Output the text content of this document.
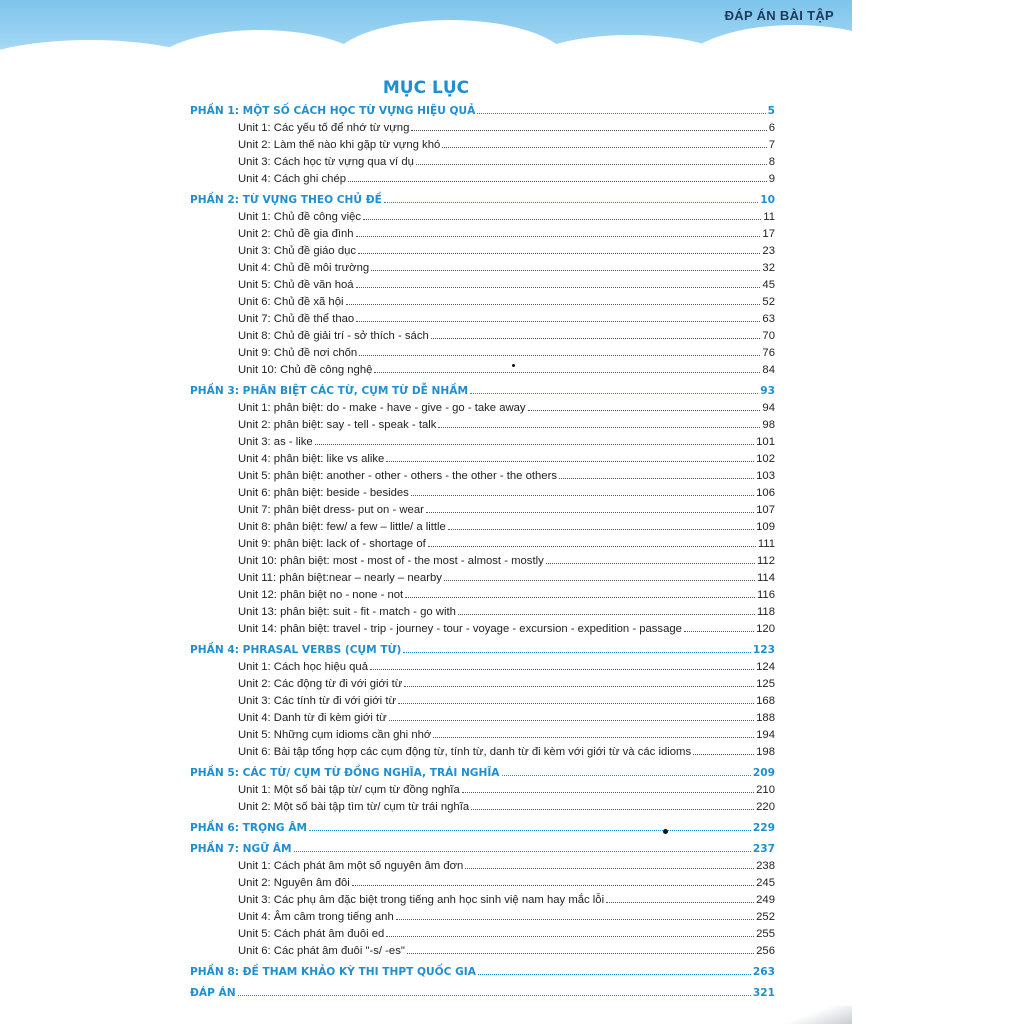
ĐÁP ÁN BÀI TẬP
MỤC LỤC
PHẦN 1: MỘT SỐ CÁCH HỌC TỪ VỰNG HIỆU QUẢ	5
Unit 1: Các yếu tố để nhớ từ vựng	6
Unit 2: Làm thế nào khi gặp từ vựng khó	7
Unit 3: Cách học từ vựng qua ví dụ	8
Unit 4: Cách ghi chép	9
PHẦN 2: TỪ VỰNG THEO CHỦ ĐỀ	10
Unit 1: Chủ đề công việc	11
Unit 2: Chủ đề gia đình	17
Unit 3: Chủ đề giáo dục	23
Unit 4: Chủ đề môi trường	32
Unit 5: Chủ đề văn hoá	45
Unit 6: Chủ đề xã hội	52
Unit 7: Chủ đề thể thao	63
Unit 8: Chủ đề giải trí - sở thích - sách	70
Unit 9: Chủ đề nơi chốn	76
Unit 10: Chủ đề công nghệ	84
PHẦN 3: PHÂN BIỆT CÁC TỪ, CỤM TỪ DỄ NHẦM	93
Unit 1: phân biệt: do - make - have - give - go - take away	94
Unit 2: phân biệt: say - tell - speak - talk	98
Unit 3: as - like	101
Unit 4: phân biệt: like vs alike	102
Unit 5: phân biệt: another - other - others - the other - the others	103
Unit 6: phân biệt: beside - besides	106
Unit 7: phân biệt dress- put on - wear	107
Unit 8: phân biệt: few/ a few – little/ a little	109
Unit 9: phân biệt: lack of - shortage of	111
Unit 10: phân biệt: most - most of - the most - almost - mostly	112
Unit 11: phân biệt:near – nearly – nearby	114
Unit 12: phân biệt no - none - not	116
Unit 13: phân biệt: suit - fit - match - go with	118
Unit 14: phân biệt: travel - trip - journey - tour - voyage - excursion - expedition - passage	120
PHẦN 4: PHRASAL VERBS (CỤM TỪ)	123
Unit 1: Cách học hiệu quả	124
Unit 2: Các động từ đi với giới từ	125
Unit 3: Các tính từ đi với giới từ	168
Unit 4: Danh từ đi kèm giới từ	188
Unit 5: Những cụm idioms cần ghi nhớ	194
Unit 6: Bài tập tổng hợp các cụm động từ, tính từ, danh từ đi kèm với giới từ và các idioms	198
PHẦN 5: CÁC TỪ/ CỤM TỪ ĐỒNG NGHĨA, TRÁI NGHĨA	209
Unit 1: Một số bài tập từ/ cụm từ đồng nghĩa	210
Unit 2: Một số bài tập tìm từ/ cụm từ trái nghĩa	220
PHẦN 6: TRỌNG ÂM	229
PHẦN 7: NGỮ ÂM	237
Unit 1: Cách phát âm một số nguyên âm đơn	238
Unit 2: Nguyên âm đôi	245
Unit 3: Các phụ âm đặc biệt trong tiếng anh học sinh việ nam hay mắc lỗi	249
Unit 4: Âm câm trong tiếng anh	252
Unit 5: Cách phát âm đuôi ed	255
Unit 6: Các phát âm đuôi "-s/ -es"	256
PHẦN 8: ĐỀ THAM KHẢO KỲ THI THPT QUỐC GIA	263
ĐÁP ÁN	321
